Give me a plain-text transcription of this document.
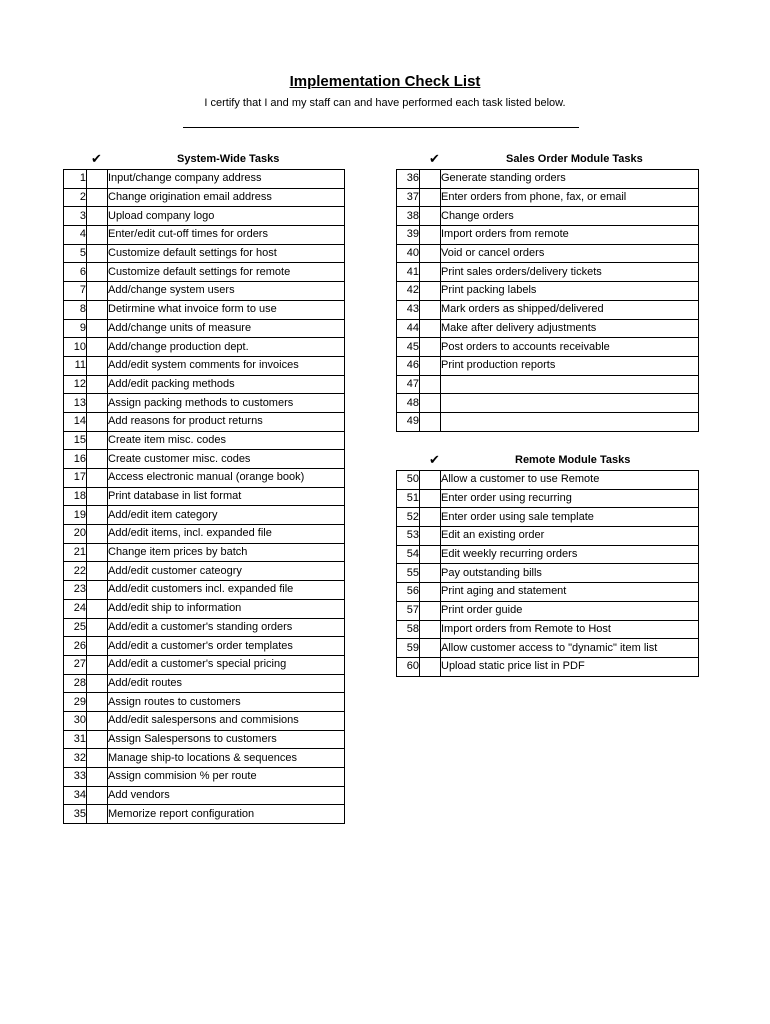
Implementation Check List
I certify that I and my staff can and have performed each task listed below.
✔	System-Wide Tasks
1		Input/change company address
2		Change origination email address
3		Upload company logo
4		Enter/edit cut-off times for orders
5		Customize default settings for host
6		Customize default settings for remote
7		Add/change system users
8		Detirmine what invoice form to use
9		Add/change units of measure
10		Add/change production dept.
11		Add/edit system comments for invoices
12		Add/edit packing methods
13		Assign packing methods to customers
14		Add reasons for product returns
15		Create item misc. codes
16		Create customer misc. codes
17		Access electronic manual (orange book)
18		Print database in list format
19		Add/edit item category
20		Add/edit items, incl. expanded file
21		Change item prices by batch
22		Add/edit customer cateogry
23		Add/edit customers incl. expanded file
24		Add/edit ship to information
25		Add/edit a customer's standing orders
26		Add/edit a customer's order templates
27		Add/edit a customer's special pricing
28		Add/edit routes
29		Assign routes to customers
30		Add/edit salespersons and commisions
31		Assign Salespersons to customers
32		Manage ship-to locations & sequences
33		Assign commision % per route
34		Add vendors
35		Memorize report configuration
✔	Sales Order Module Tasks
36		Generate standing orders
37		Enter orders from phone, fax, or email
38		Change orders
39		Import orders from remote
40		Void or cancel orders
41		Print sales orders/delivery tickets
42		Print packing labels
43		Mark orders as shipped/delivered
44		Make after delivery adjustments
45		Post orders to accounts receivable
46		Print production reports
47		
48		
49		
✔	Remote Module Tasks
50		Allow a customer to use Remote
51		Enter order using recurring
52		Enter order using sale template
53		Edit an existing order
54		Edit weekly recurring orders
55		Pay outstanding bills
56		Print aging and statement
57		Print order guide
58		Import orders from Remote to Host
59		Allow customer access to "dynamic" item list
60		Upload static price list in PDF
